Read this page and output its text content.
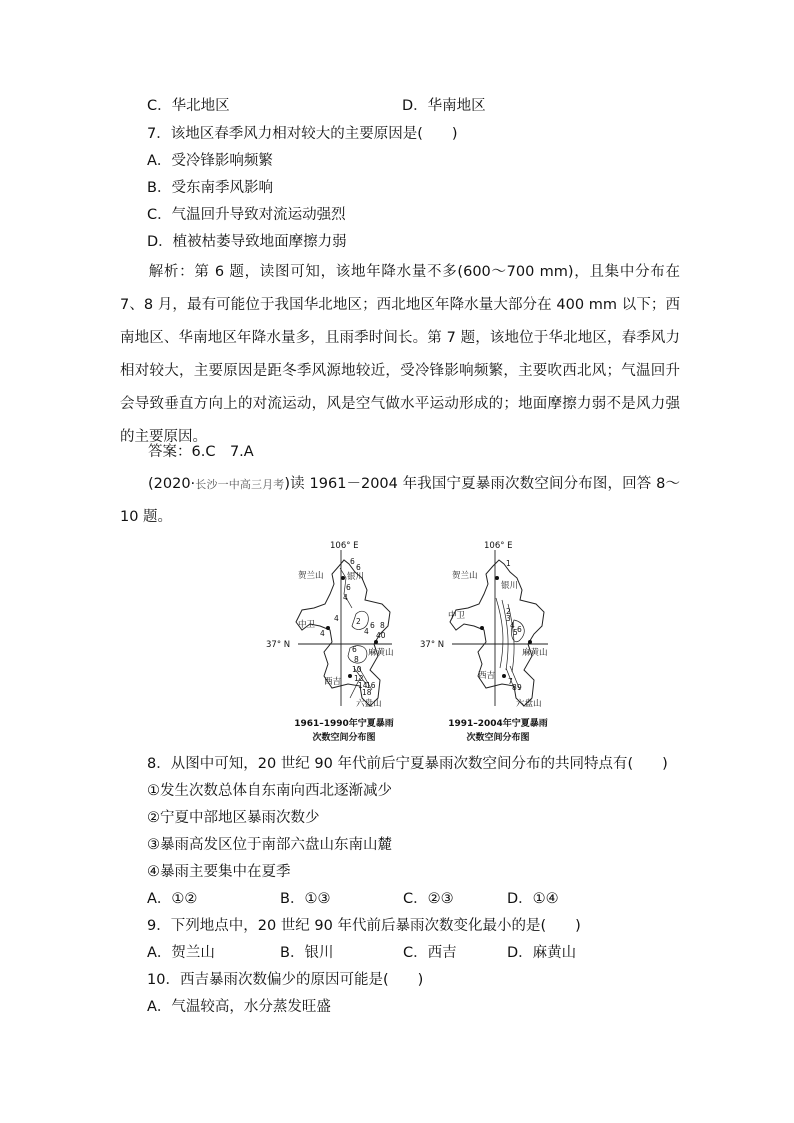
C．华北地区	D．华南地区
7．该地区春季风力相对较大的主要原因是(　　)
A．受冷锋影响频繁
B．受东南季风影响
C．气温回升导致对流运动强烈
D．植被枯萎导致地面摩擦力弱
解析：第 6 题，读图可知，该地年降水量不多(600～700 mm)，且集中分布在 7、8 月，最有可能位于我国华北地区；西北地区年降水量大部分在 400 mm 以下；西南地区、华南地区年降水量多，且雨季时间长。第 7 题，该地位于华北地区，春季风力相对较大，主要原因是距冬季风源地较近，受冷锋影响频繁，主要吹西北风；气温回升会导致垂直方向上的对流运动，风是空气做水平运动形成的；地面摩擦力弱不是风力强的主要原因。
答案：6.C　7.A
(2020·长沙一中高三月考)读 1961－2004 年我国宁夏暴雨次数空间分布图，回答 8～10 题。
106° E
37° N
贺兰山	银川
中卫
麻黄山
西吉
六盘山
6
6
6
4
4
4
2
4
6 8
40
6
8
10
12
14
16
18
106° E
37° N
贺兰山
银川
中卫
麻黄山
西吉
六盘山
1
2
3
4
5 6
7
8 9
1961–1990年宁夏暴雨
次数空间分布图
1991–2004年宁夏暴雨
次数空间分布图
8．从图中可知，20 世纪 90 年代前后宁夏暴雨次数空间分布的共同特点有(　　)
①发生次数总体自东南向西北逐渐减少
②宁夏中部地区暴雨次数少
③暴雨高发区位于南部六盘山东南山麓
④暴雨主要集中在夏季
A．①②	B．①③	C．②③	D．①④
9．下列地点中，20 世纪 90 年代前后暴雨次数变化最小的是(　　)
A．贺兰山	B．银川	C．西吉	D．麻黄山
10．西吉暴雨次数偏少的原因可能是(　　)
A．气温较高，水分蒸发旺盛
